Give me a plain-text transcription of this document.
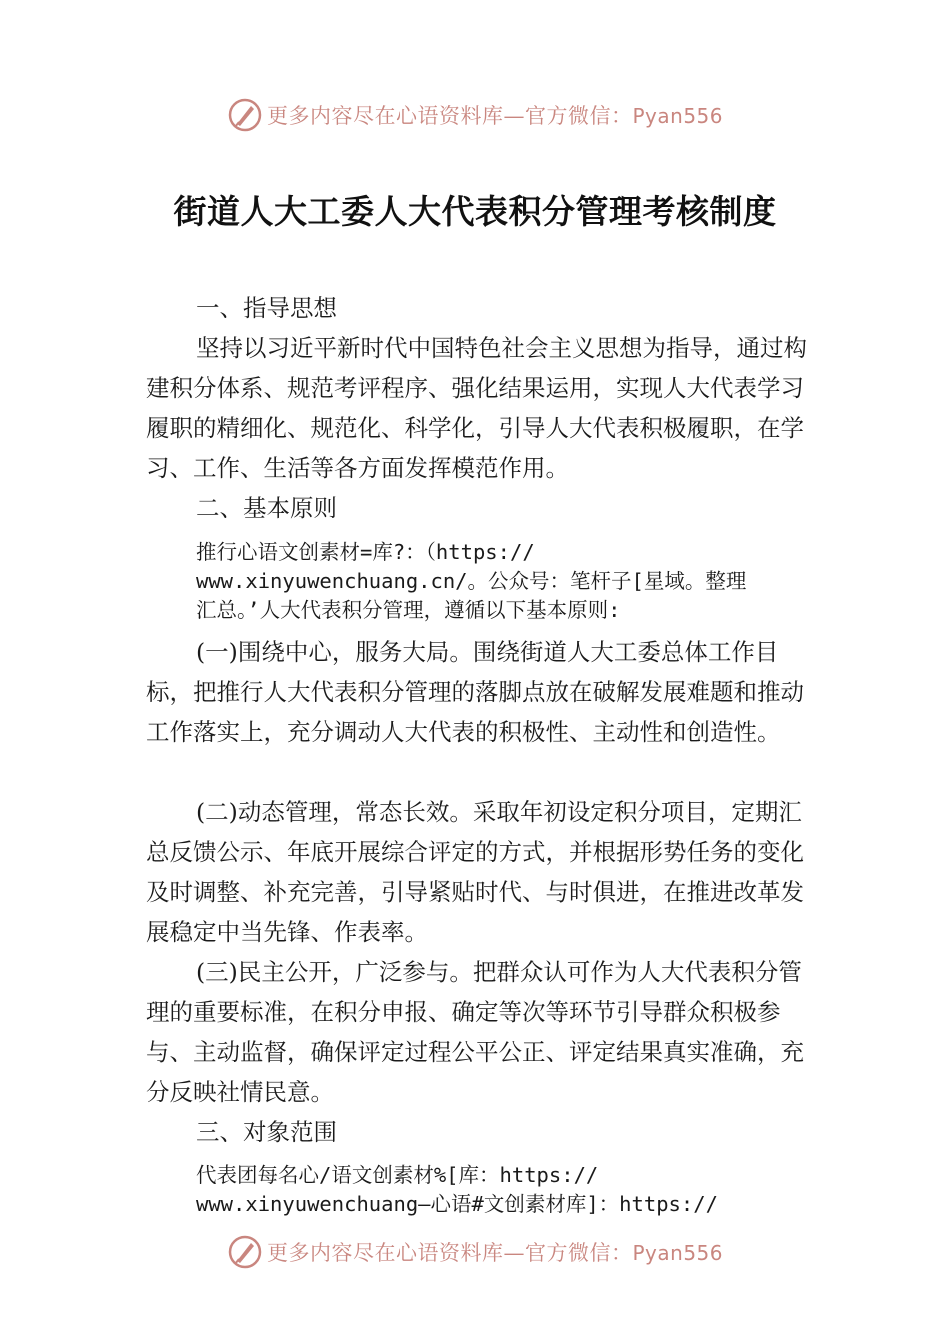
更多内容尽在心语资料库—官方微信：Pyan556
街道人大工委人大代表积分管理考核制度

一、指导思想

坚持以习近平新时代中国特色社会主义思想为指导，通过构建积分体系、规范考评程序、强化结果运用，实现人大代表学习履职的精细化、规范化、科学化，引导人大代表积极履职，在学习、工作、生活等各方面发挥模范作用。

二、基本原则

推行心语文创素材=库?：（https://

www.xinyuwenchuang.cn/。公众号：笔杆子[星域。整理

汇总。’人大代表积分管理，遵循以下基本原则:

(一)围绕中心，服务大局。围绕街道人大工委总体工作目标，把推行人大代表积分管理的落脚点放在破解发展难题和推动工作落实上，充分调动人大代表的积极性、主动性和创造性。

(二)动态管理，常态长效。采取年初设定积分项目，定期汇总反馈公示、年底开展综合评定的方式，并根据形势任务的变化及时调整、补充完善，引导紧贴时代、与时俱进，在推进改革发展稳定中当先锋、作表率。

(三)民主公开，广泛参与。把群众认可作为人大代表积分管理的重要标准，在积分申报、确定等次等环节引导群众积极参与、主动监督，确保评定过程公平公正、评定结果真实准确，充分反映社情民意。

三、对象范围

代表团每名心/语文创素材%[库：https://

www.xinyuwenchuang—心语#文创素材库]：https://

更多内容尽在心语资料库—官方微信：Pyan556
